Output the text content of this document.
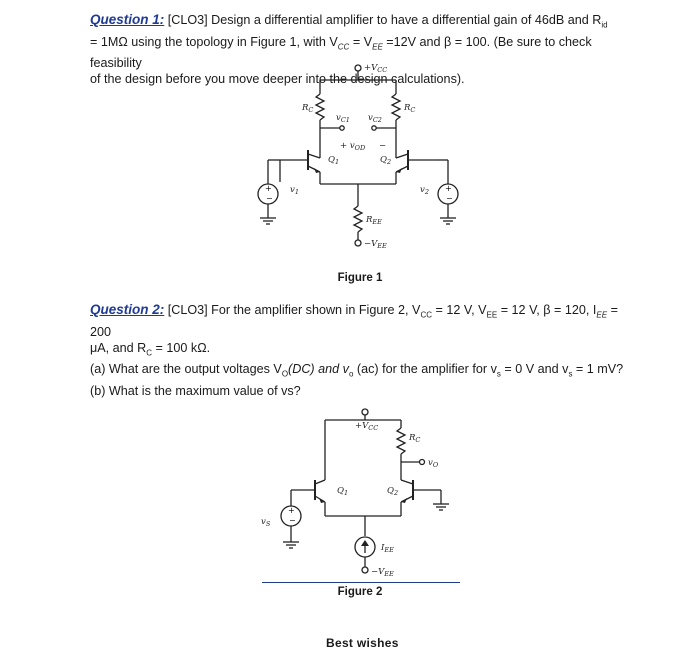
Question 1: [CLO3] Design a differential amplifier to have a differential gain of 46dB and $R_{id}$

= 1MΩ using the topology in Figure 1, with $V_{CC} = V_{EE} =12V$ and β = 100. (Be sure to check feasibility

of the design before you move deeper into the design calculations).

+
−
+
−
$+V_{CC}$
$R_C$	$R_C$
$v_{C1}$ $v_{C2}$
+ $v_{OD}$ −
$Q_1$	$Q_2$
$v_1$	$v_2$
$R_{EE}$
$-V_{EE}$
Figure 1

Question 2: [CLO3] For the amplifier shown in Figure 2, $V_{CC} = 12$ V, $V_{EE} = 12$ V, β = 120, $I_{EE} = 200$

μA, and $R_C = 100$ kΩ.

(a) What are the output voltages $V_O(DC)$ and $v_o$ (ac) for the amplifier for $v_s = 0$ V and $v_s = 1$ mV?

(b) What is the maximum value of vs?

+
−
$+V_{CC}$
$R_C$
$v_O$
$Q_1$	$Q_2$
$v_S$
$I_{EE}$
$-V_{EE}$
Figure 2
Best wishes
